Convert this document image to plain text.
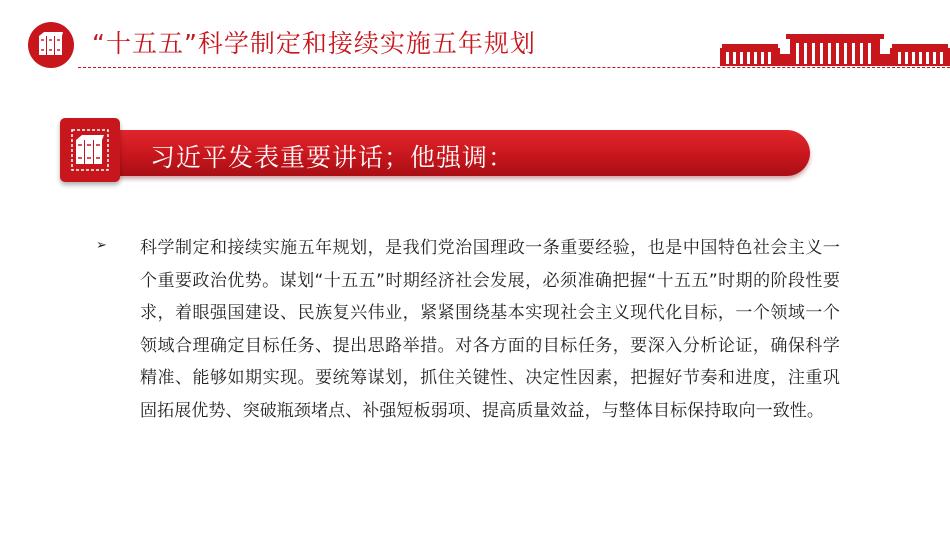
“十五五”科学制定和接续实施五年规划
习近平发表重要讲话；他强调：
➢ 科学制定和接续实施五年规划，是我们党治国理政一条重要经验，也是中国特色社会主义一个重要政治优势。谋划“十五五”时期经济社会发展，必须准确把握“十五五”时期的阶段性要求，着眼强国建设、民族复兴伟业，紧紧围绕基本实现社会主义现代化目标，一个领域一个领域合理确定目标任务、提出思路举措。对各方面的目标任务，要深入分析论证，确保科学精准、能够如期实现。要统筹谋划，抓住关键性、决定性因素，把握好节奏和进度，注重巩固拓展优势、突破瓶颈堵点、补强短板弱项、提高质量效益，与整体目标保持取向一致性。
